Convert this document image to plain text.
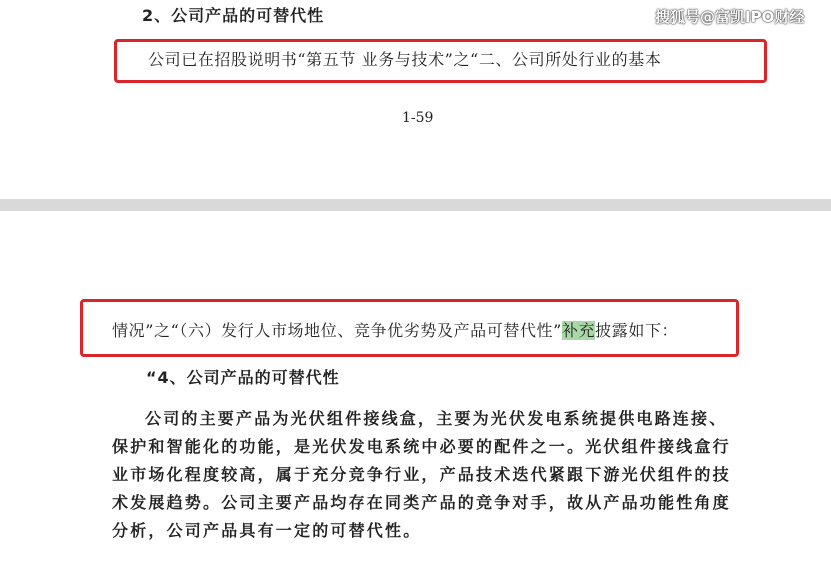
2、公司产品的可替代性	搜狐号@富凯IPO财经
公司已在招股说明书“第五节 业务与技术”之“二、公司所处行业的基本
1-59
情况”之“（六）发行人市场地位、竞争优劣势及产品可替代性”补充披露如下：
“4、公司产品的可替代性
公司的主要产品为光伏组件接线盒，主要为光伏发电系统提供电路连接、
保护和智能化的功能，是光伏发电系统中必要的配件之一。光伏组件接线盒行
业市场化程度较高，属于充分竞争行业，产品技术迭代紧跟下游光伏组件的技
术发展趋势。公司主要产品均存在同类产品的竞争对手，故从产品功能性角度
分析，公司产品具有一定的可替代性。
